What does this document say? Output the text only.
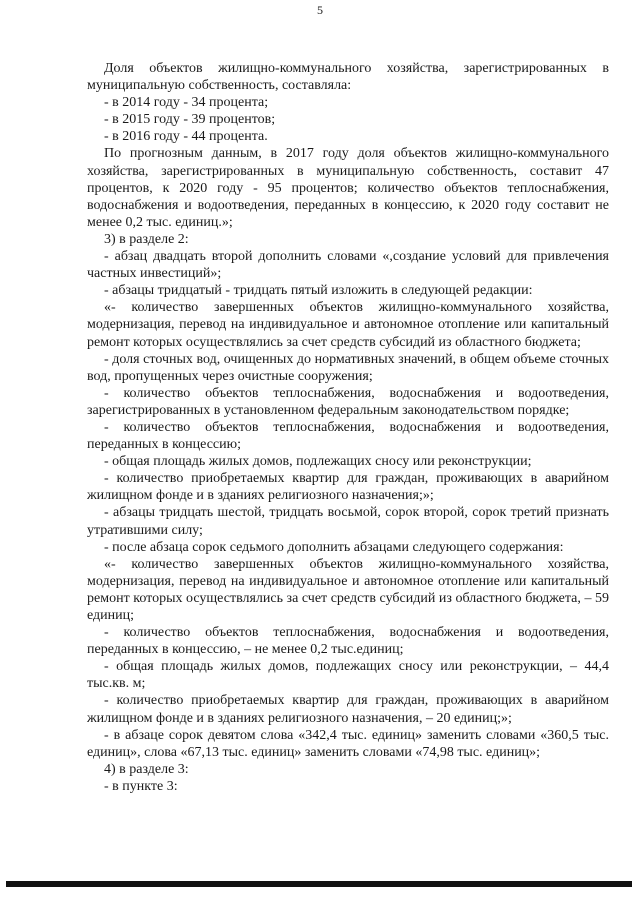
5

Доля объектов жилищно-коммунального хозяйства, зарегистрированных в муниципальную собственность, составляла:

- в 2014 году - 34 процента;

- в 2015 году - 39 процентов;

- в 2016 году - 44 процента.

По прогнозным данным, в 2017 году доля объектов жилищно-коммунального хозяйства, зарегистрированных в муниципальную собственность, составит 47 процентов, к 2020 году - 95 процентов; количество объектов теплоснабжения, водоснабжения и водоотведения, переданных в концессию, к 2020 году составит не менее 0,2 тыс. единиц.»;

3) в разделе 2:

- абзац двадцать второй дополнить словами «,создание условий для привлечения частных инвестиций»;

- абзацы тридцатый - тридцать пятый изложить в следующей редакции:

«- количество завершенных объектов жилищно-коммунального хозяйства, модернизация, перевод на индивидуальное и автономное отопление или капитальный ремонт которых осуществлялись за счет средств субсидий из областного бюджета;

- доля сточных вод, очищенных до нормативных значений, в общем объеме сточных вод, пропущенных через очистные сооружения;

- количество объектов теплоснабжения, водоснабжения и водоотведения, зарегистрированных в установленном федеральным законодательством порядке;

- количество объектов теплоснабжения, водоснабжения и водоотведения, переданных в концессию;

- общая площадь жилых домов, подлежащих сносу или реконструкции;

- количество приобретаемых квартир для граждан, проживающих в аварийном жилищном фонде и в зданиях религиозного назначения;»;

- абзацы тридцать шестой, тридцать восьмой, сорок второй, сорок третий признать утратившими силу;

- после абзаца сорок седьмого дополнить абзацами следующего содержания:

«- количество завершенных объектов жилищно-коммунального хозяйства, модернизация, перевод на индивидуальное и автономное отопление или капитальный ремонт которых осуществлялись за счет средств субсидий из областного бюджета, – 59 единиц;

- количество объектов теплоснабжения, водоснабжения и водоотведения, переданных в концессию, – не менее 0,2 тыс.единиц;

- общая площадь жилых домов, подлежащих сносу или реконструкции, – 44,4 тыс.кв. м;

- количество приобретаемых квартир для граждан, проживающих в аварийном жилищном фонде и в зданиях религиозного назначения, – 20 единиц;»;

- в абзаце сорок девятом слова «342,4 тыс. единиц» заменить словами «360,5 тыс. единиц», слова «67,13 тыс. единиц» заменить словами «74,98 тыс. единиц»;

4) в разделе 3:

- в пункте 3:
